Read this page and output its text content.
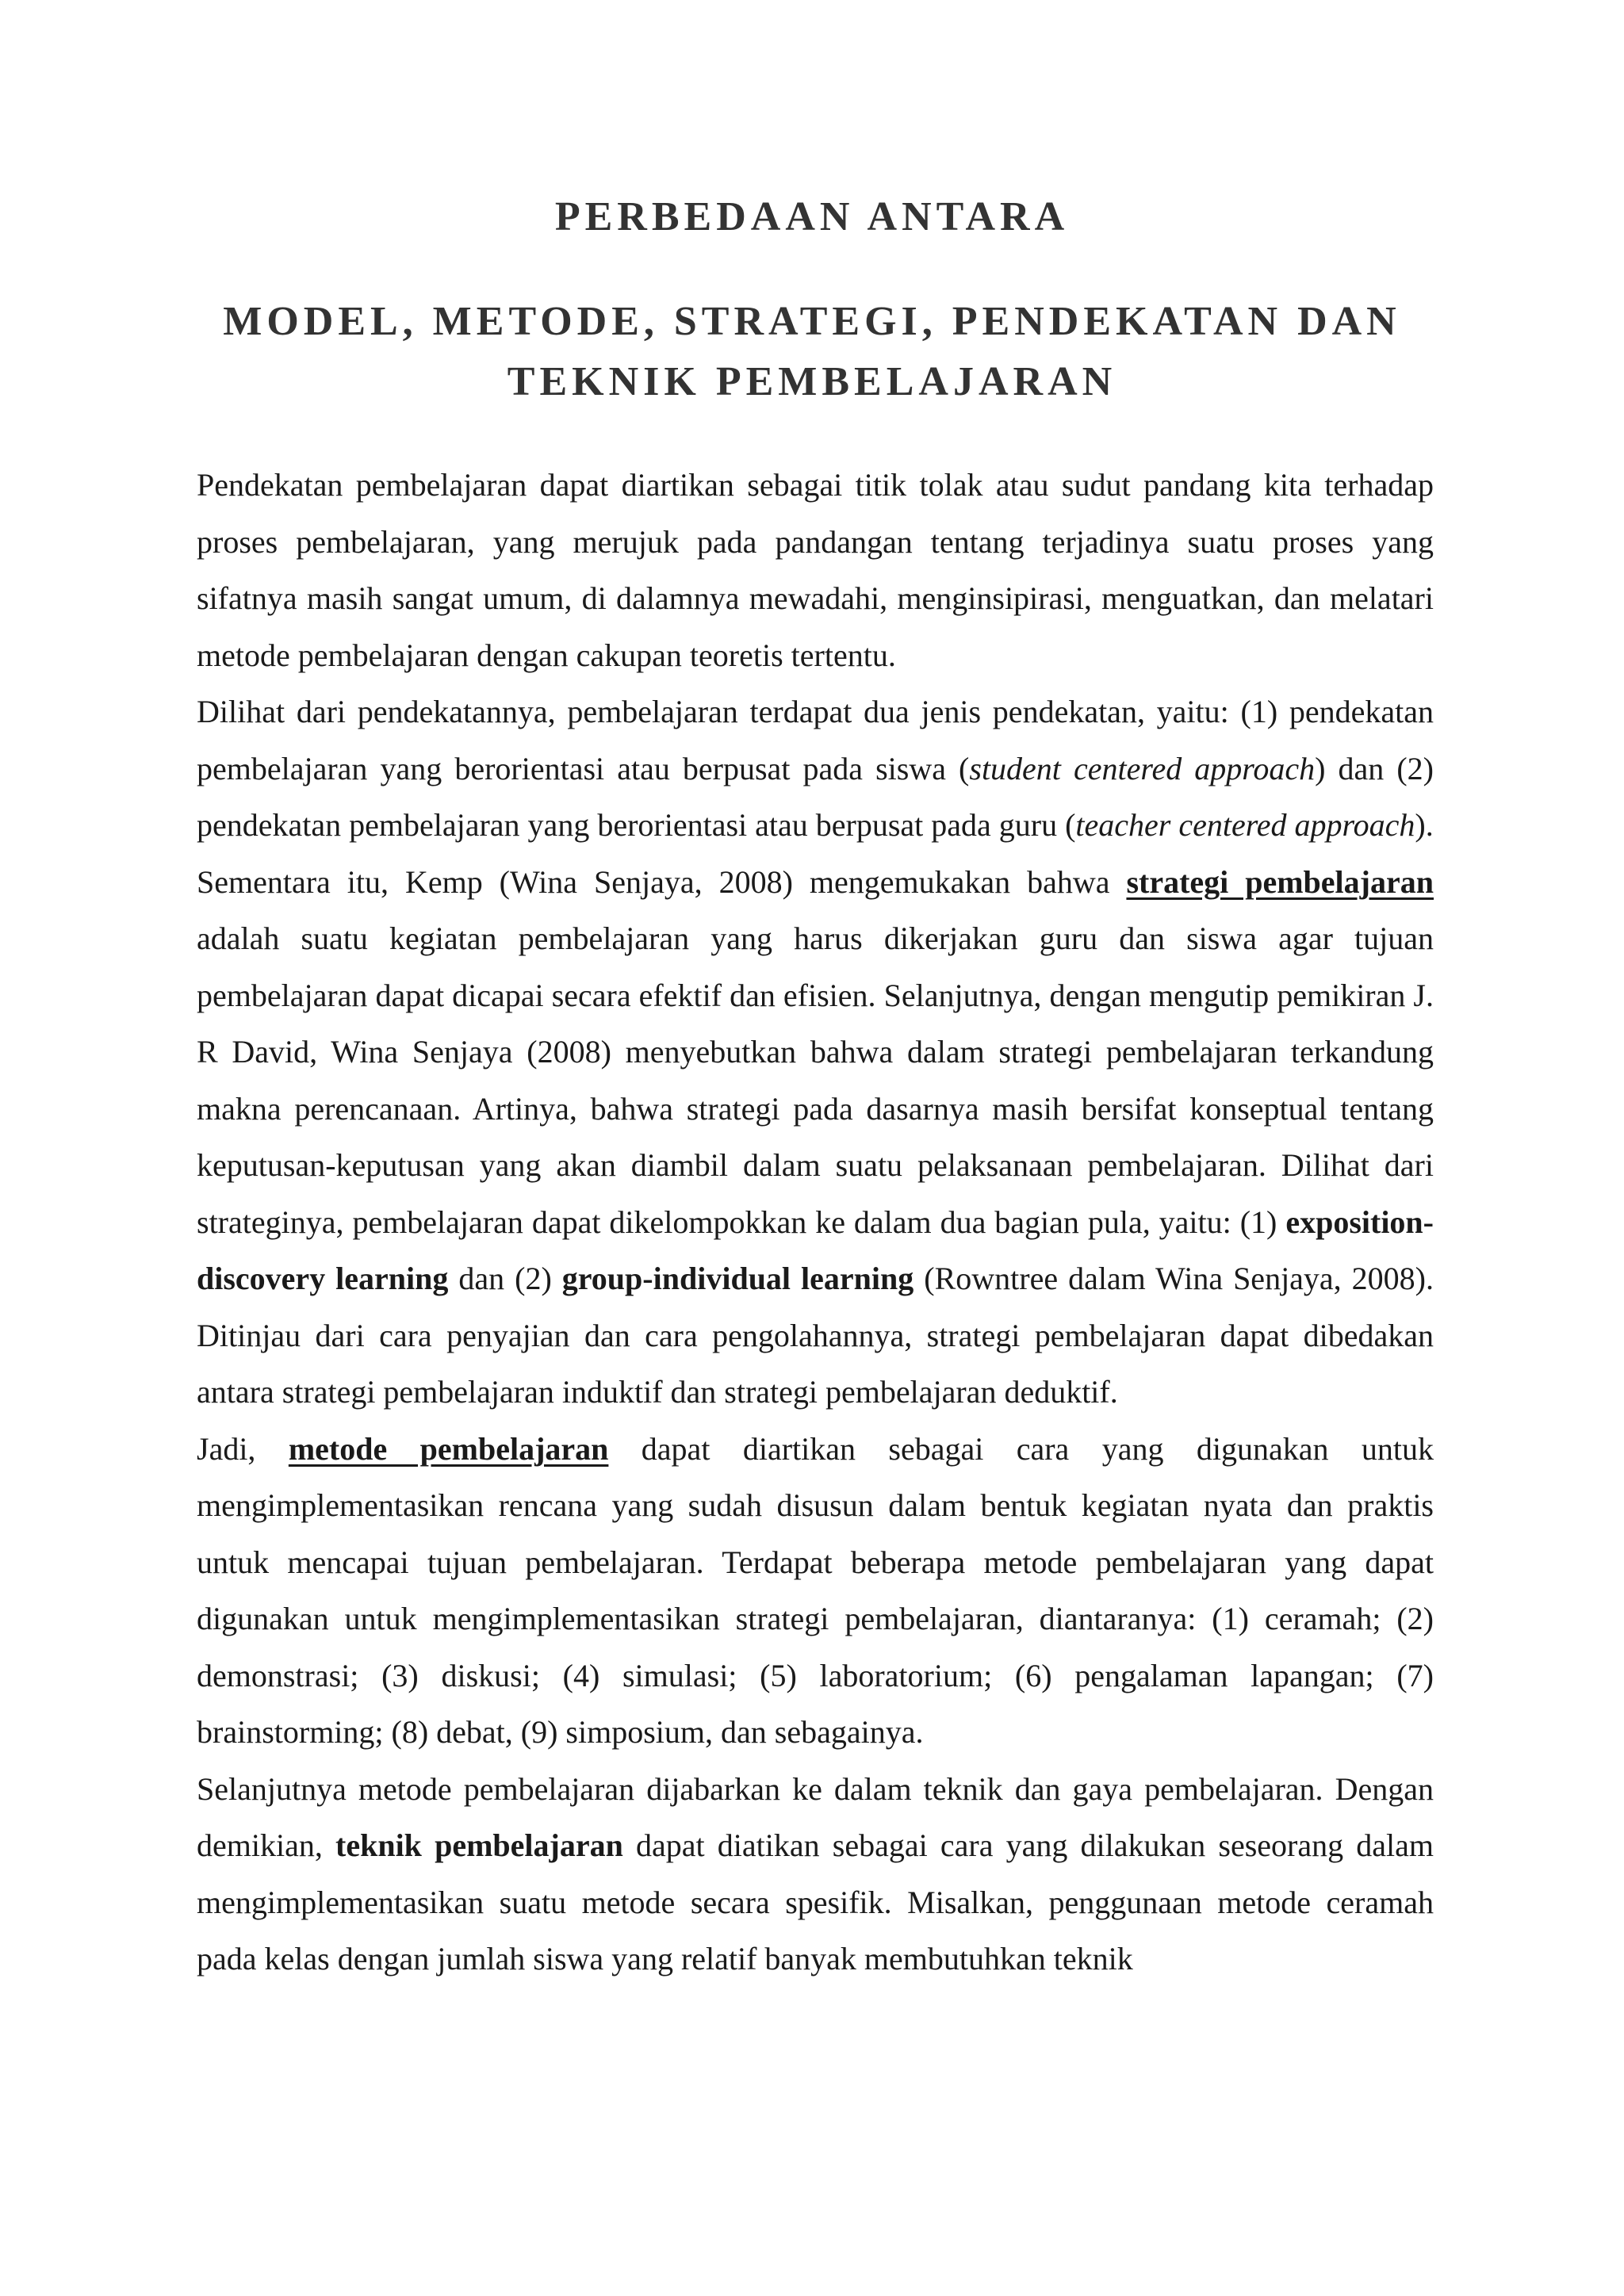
PERBEDAAN ANTARA
MODEL, METODE, STRATEGI, PENDEKATAN DAN
TEKNIK PEMBELAJARAN

Pendekatan pembelajaran dapat diartikan sebagai titik tolak atau sudut pandang kita terhadap proses pembelajaran, yang merujuk pada pandangan tentang terjadinya suatu proses yang sifatnya masih sangat umum, di dalamnya mewadahi, menginsipirasi, menguatkan, dan melatari metode pembelajaran dengan cakupan teoretis tertentu.

Dilihat dari pendekatannya, pembelajaran terdapat dua jenis pendekatan, yaitu: (1) pendekatan pembelajaran yang berorientasi atau berpusat pada siswa (student centered approach) dan (2) pendekatan pembelajaran yang berorientasi atau berpusat pada guru (teacher centered approach).

Sementara itu, Kemp (Wina Senjaya, 2008) mengemukakan bahwa strategi pembelajaran adalah suatu kegiatan pembelajaran yang harus dikerjakan guru dan siswa agar tujuan pembelajaran dapat dicapai secara efektif dan efisien. Selanjutnya, dengan mengutip pemikiran J. R David, Wina Senjaya (2008) menyebutkan bahwa dalam strategi pembelajaran terkandung makna perencanaan. Artinya, bahwa strategi pada dasarnya masih bersifat konseptual tentang keputusan-keputusan yang akan diambil dalam suatu pelaksanaan pembelajaran. Dilihat dari strateginya, pembelajaran dapat dikelompokkan ke dalam dua bagian pula, yaitu: (1) exposition-discovery learning dan (2) group-individual learning (Rowntree dalam Wina Senjaya, 2008). Ditinjau dari cara penyajian dan cara pengolahannya, strategi pembelajaran dapat dibedakan antara strategi pembelajaran induktif dan strategi pembelajaran deduktif.

Jadi, metode pembelajaran dapat diartikan sebagai cara yang digunakan untuk mengimplementasikan rencana yang sudah disusun dalam bentuk kegiatan nyata dan praktis untuk mencapai tujuan pembelajaran. Terdapat beberapa metode pembelajaran yang dapat digunakan untuk mengimplementasikan strategi pembelajaran, diantaranya: (1) ceramah; (2) demonstrasi; (3) diskusi; (4) simulasi; (5) laboratorium; (6) pengalaman lapangan; (7) brainstorming; (8) debat, (9) simposium, dan sebagainya.

Selanjutnya metode pembelajaran dijabarkan ke dalam teknik dan gaya pembelajaran. Dengan demikian, teknik pembelajaran dapat diatikan sebagai cara yang dilakukan seseorang dalam mengimplementasikan suatu metode secara spesifik. Misalkan, penggunaan metode ceramah pada kelas dengan jumlah siswa yang relatif banyak membutuhkan teknik
